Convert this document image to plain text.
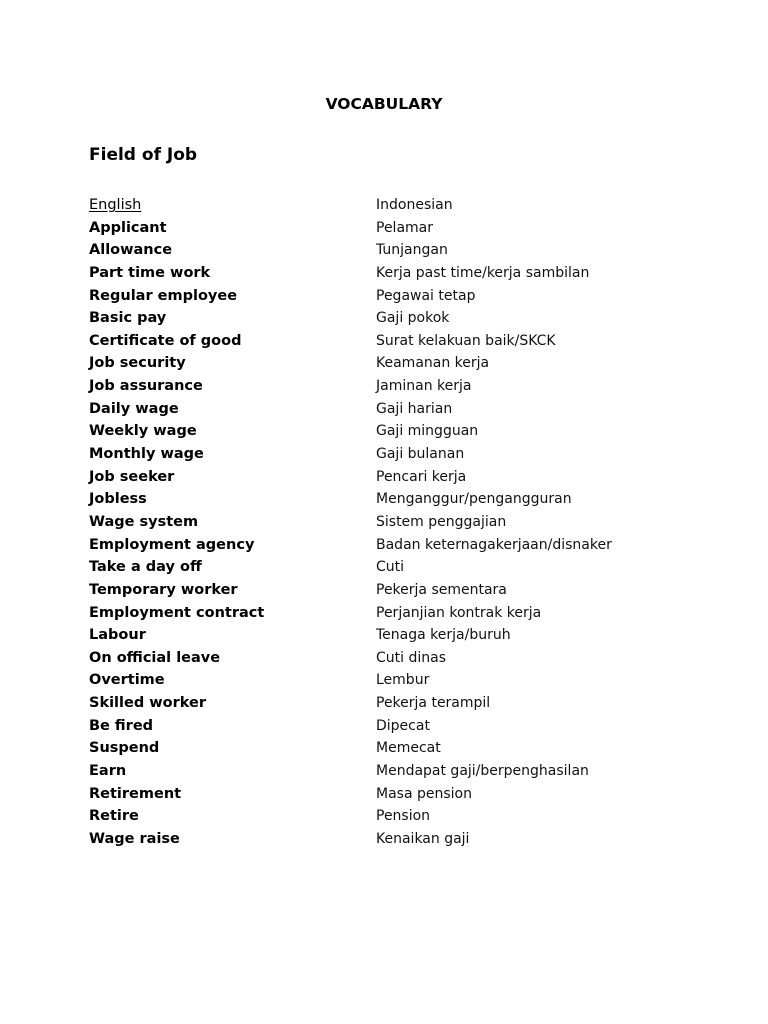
VOCABULARY
Field of Job
English	Indonesian
Applicant	Pelamar
Allowance	Tunjangan
Part time work	Kerja past time/kerja sambilan
Regular employee	Pegawai tetap
Basic pay	Gaji pokok
Certificate of good	Surat kelakuan baik/SKCK
Job security	Keamanan kerja
Job assurance	Jaminan kerja
Daily wage	Gaji harian
Weekly wage	Gaji mingguan
Monthly wage	Gaji bulanan
Job seeker	Pencari kerja
Jobless	Menganggur/pengangguran
Wage system	Sistem penggajian
Employment agency	Badan keternagakerjaan/disnaker
Take a day off	Cuti
Temporary worker	Pekerja sementara
Employment contract	Perjanjian kontrak kerja
Labour	Tenaga kerja/buruh
On official leave	Cuti dinas
Overtime	Lembur
Skilled worker	Pekerja terampil
Be fired	Dipecat
Suspend	Memecat
Earn	Mendapat gaji/berpenghasilan
Retirement	Masa pension
Retire	Pension
Wage raise	Kenaikan gaji
